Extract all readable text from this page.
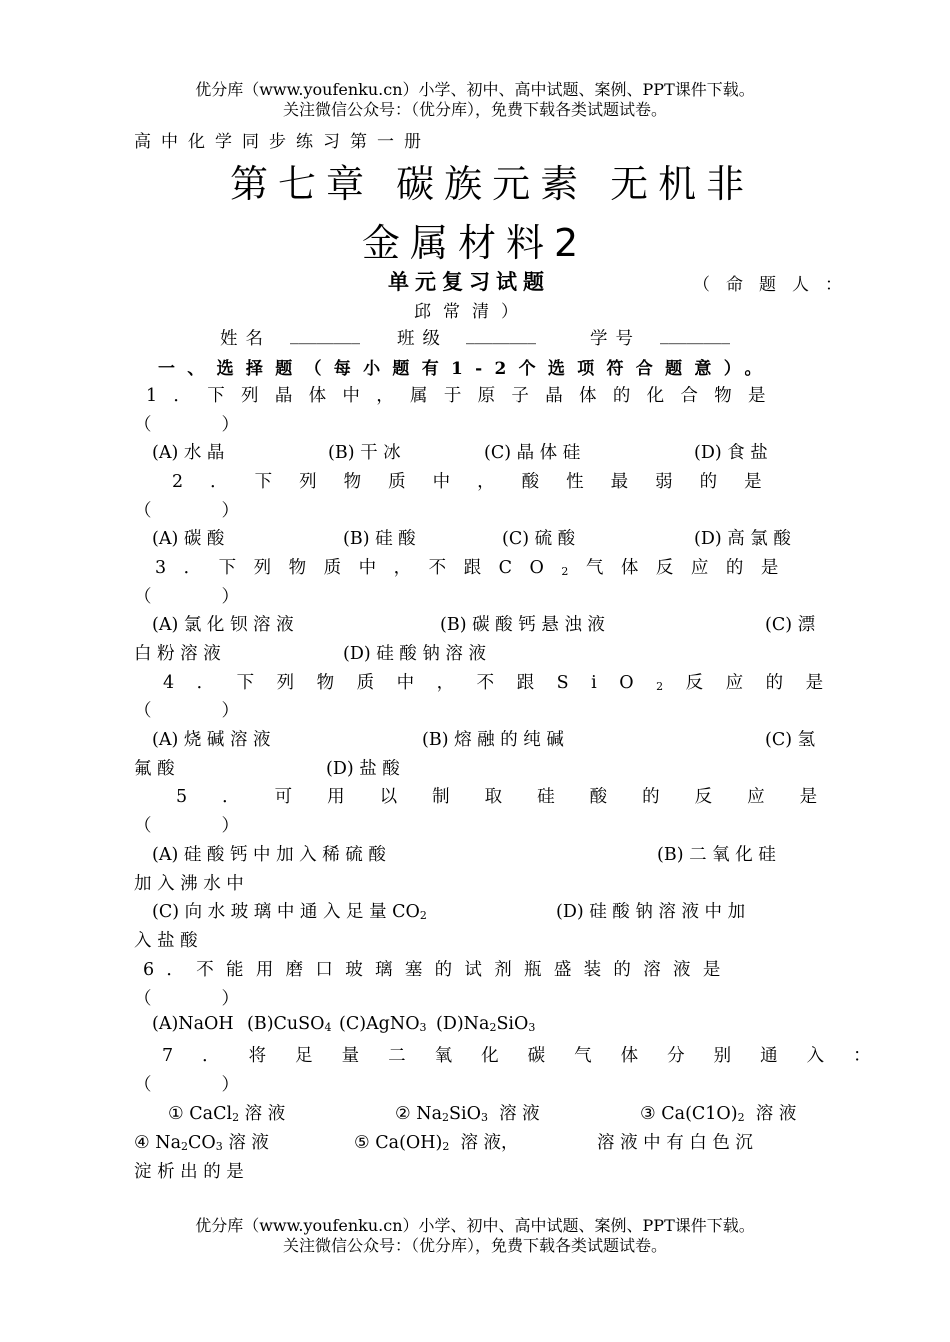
优分库（www.youfenku.cn）小学、初中、高中试题、案例、PPT课件下载。
关注微信公众号：（优分库），免费下载各类试题试卷。
高中化学同步练习第一册
第七章 碳族元素 无机非
金属材料2
单元复习试题	（命题人：
邱常清）
姓名 ________ 班级 ________	学号 ________
一、选择题（每小题有1-2个选项符合题意）。
1．下列晶体中，属于原子晶体的化合物是
（　　　　）
(A) 水 晶	(B) 干 冰	(C) 晶 体 硅	(D) 食 盐
2．下列物质中，酸性最弱的是
（　　　　）
(A) 碳 酸	(B) 硅 酸	(C) 硫 酸	(D) 高 氯 酸
3．下列物质中，不跟$CO_2$气体反应的是
（　　　　）
(A) 氯 化 钡 溶 液	(B) 碳 酸 钙 悬 浊 液	(C) 漂
白 粉 溶 液	(D) 硅 酸 钠 溶 液
4．下列物质中，不跟SiO$_2$反应的是
（　　　　）
(A) 烧 碱 溶 液	(B) 熔 融 的 纯 碱	(C) 氢
氟 酸	(D) 盐 酸
5．可用以制取硅酸的反应是
（　　　　）
(A) 硅 酸 钙 中 加 入 稀 硫 酸	(B) 二 氧 化 硅
加 入 沸 水 中
(C) 向 水 玻 璃 中 通 入 足 量 $CO_2$	(D) 硅 酸 钠 溶 液 中 加
入 盐 酸
6．不能用磨口玻璃塞的试剂瓶盛装的溶液是
（　　　　）
(A)NaOH (B)CuSO$_4$ (C)AgNO$_3$ $(D)Na_2SiO_3$
7．将足量二氧化碳气体分别通入：
（　　　　）
① CaCl$_2$ 溶 液	② $Na_2SiO_3$ 溶 液	③ $Ca(C1O)_2$ 溶 液
④ $Na_2CO_3$ 溶 液	⑤ $Ca(OH)_2$ 溶 液，	溶 液 中 有 白 色 沉
淀 析 出 的 是
优分库（www.youfenku.cn）小学、初中、高中试题、案例、PPT课件下载。
关注微信公众号：（优分库），免费下载各类试题试卷。
